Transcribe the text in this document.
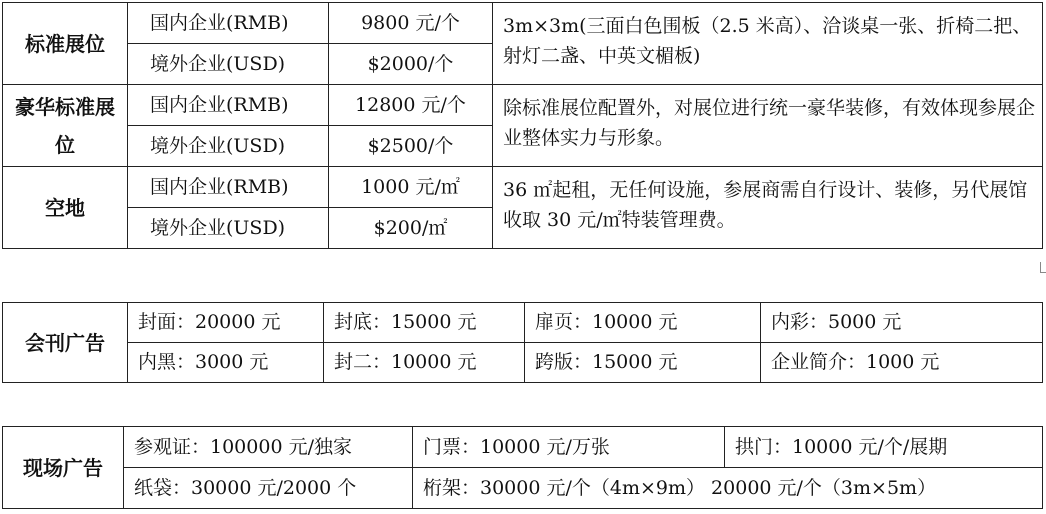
标准展位	国内企业(RMB)	9800 元/个	3m×3m(三面白色围板（2.5 米高）、洽谈桌一张、折椅二把、射灯二盏、中英文楣板)
	境外企业(USD)	$2000/个	
豪华标准展位	国内企业(RMB)	12800 元/个	除标准展位配置外，对展位进行统一豪华装修，有效体现参展企业整体实力与形象。
	境外企业(USD)	$2500/个	
空地	国内企业(RMB)	1000 元/㎡	36 ㎡起租，无任何设施，参展商需自行设计、装修，另代展馆收取 30 元/㎡特装管理费。
	境外企业(USD)	$200/㎡	
会刊广告	封面：20000 元	封底：15000 元	扉页：10000 元	内彩：5000 元
	内黑：3000 元	封二：10000 元	跨版：15000 元	企业简介：1000 元
现场广告	参观证：100000 元/独家	门票：10000 元/万张	拱门：10000 元/个/展期
	纸袋：30000 元/2000 个	桁架：30000 元/个（4m×9m） 20000 元/个（3m×5m）	
